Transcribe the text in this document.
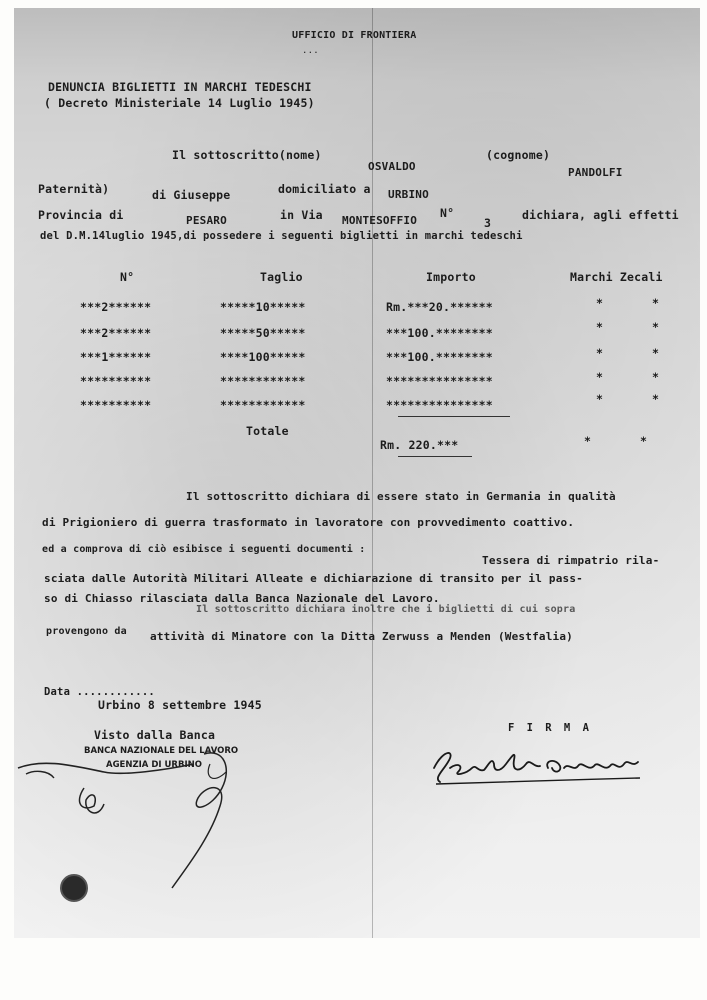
UFFICIO DI FRONTIERA
...
DENUNCIA BIGLIETTI IN MARCHI TEDESCHI
( Decreto Ministeriale 14 Luglio 1945)
Il sottoscritto(nome)	(cognome)
OSVALDO	PANDOLFI
Paternità)	di Giuseppe	domiciliato a URBINO
Provincia di	PESARO	in Via MONTESOFFIO
N°
3
dichiara, agli effetti
del D.M.14luglio 1945,di possedere i seguenti biglietti in marchi tedeschi
N°	Taglio	Importo	Marchi Zecali
***2******	*****10*****	Rm.***20.******	*	*
***2******	*****50*****	***100.********	*	*
***1******	****100*****	***100.********	*	*
**********	************	***************	*	*
**********	************	***************	*	*
Totale
Rm. 220.***	*	*
Il sottoscritto dichiara di essere stato in Germania in qualità
di Prigioniero di guerra trasformato in lavoratore con provvedimento coattivo.
ed a comprova di ciò esibisce i seguenti documenti :
Tessera di rimpatrio rila-
sciata dalle Autorità Militari Alleate e dichiarazione di transito per il pass-
so di Chiasso rilasciata dalla Banca Nazionale del Lavoro.
Il sottoscritto dichiara inoltre che i biglietti di cui sopra
provengono da attività di Minatore con la Ditta Zerwuss a Menden (Westfalia)
Data ............
Urbino 8 settembre 1945
Visto dalla Banca
BANCA NAZIONALE DEL LAVORO
AGENZIA DI URBINO
F I R M A
